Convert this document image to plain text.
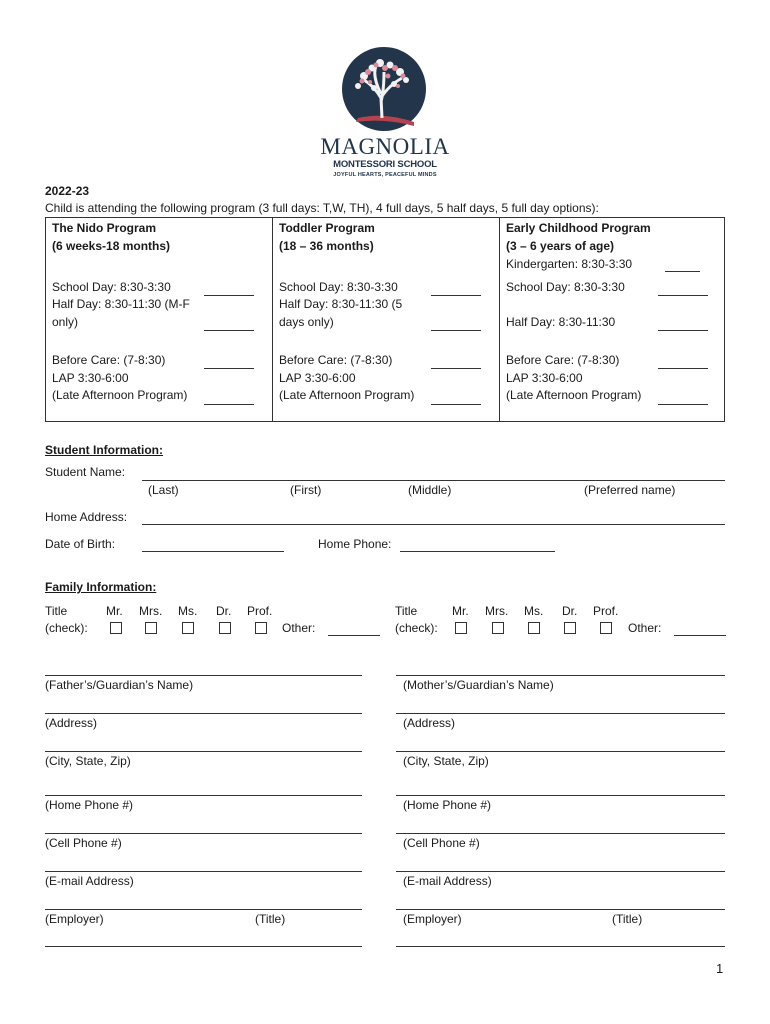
MAGNOLIA
MONTESSORI SCHOOL
JOYFUL HEARTS, PEACEFUL MINDS
2022-23
Child is attending the following program (3 full days: T,W, TH), 4 full days, 5 half days, 5 full day options):
The Nido Program
(6 weeks-18 months)
School Day: 8:30-3:30
Half Day: 8:30-11:30 (M-F
only)
Before Care: (7-8:30)
LAP 3:30-6:00
(Late Afternoon Program)
Toddler Program
(18 – 36 months)
School Day: 8:30-3:30
Half Day: 8:30-11:30 (5
days only)
Before Care: (7-8:30)
LAP 3:30-6:00
(Late Afternoon Program)
Early Childhood Program
(3 – 6 years of age)
Kindergarten: 8:30-3:30
School Day: 8:30-3:30
Half Day: 8:30-11:30
Before Care: (7-8:30)
LAP 3:30-6:00
(Late Afternoon Program)
Student Information:
Student Name:
(Last)	(First)	(Middle)	(Preferred name)
Home Address:
Date of Birth:	Home Phone:
Family Information:
Title
(check):
Mr. Mrs. Ms. Dr. Prof.
Other:
Title
(check):
Mr. Mrs. Ms. Dr. Prof.
Other:
(Father’s/Guardian’s Name)
(Address)
(City, State, Zip)
(Home Phone #)
(Cell Phone #)
(E-mail Address)
(Employer)	(Title)
(Mother’s/Guardian’s Name)
(Address)
(City, State, Zip)
(Home Phone #)
(Cell Phone #)
(E-mail Address)
(Employer)	(Title)
1
